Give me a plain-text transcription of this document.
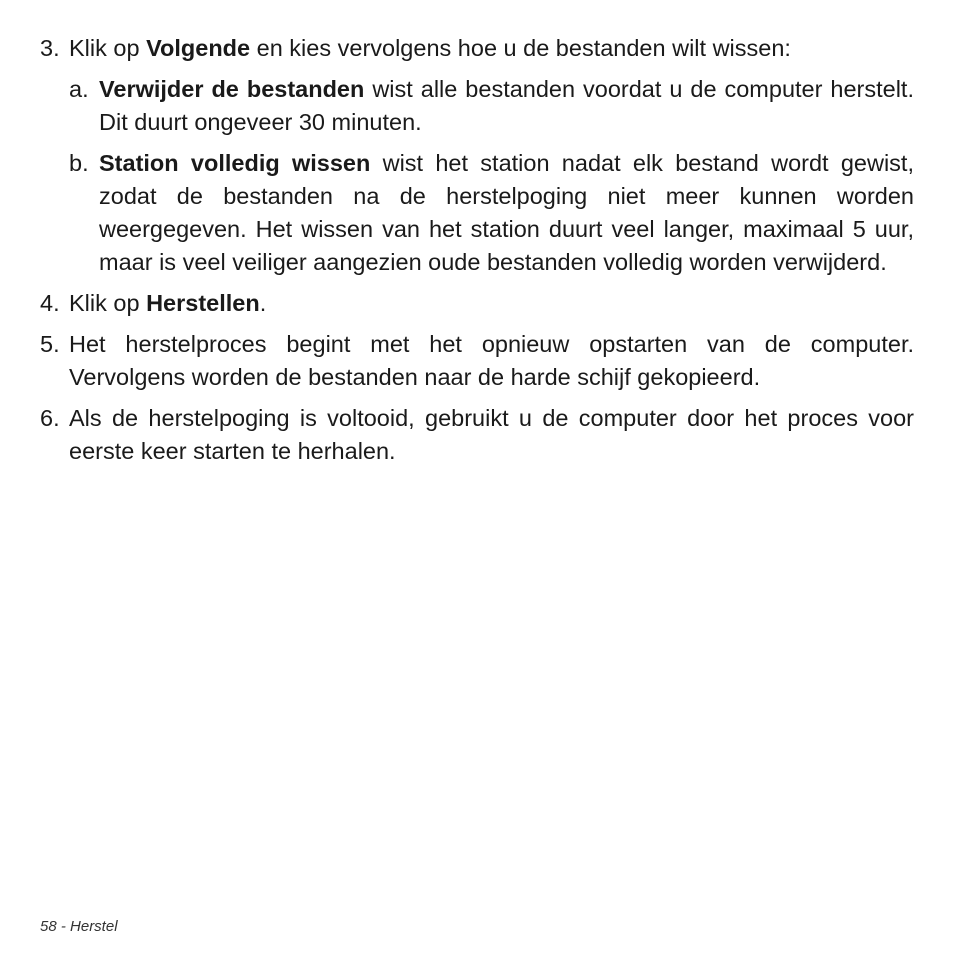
3. Klik op Volgende en kies vervolgens hoe u de bestanden wilt wissen:
a. Verwijder de bestanden wist alle bestanden voordat u de computer herstelt. Dit duurt ongeveer 30 minuten.
b. Station volledig wissen wist het station nadat elk bestand wordt gewist, zodat de bestanden na de herstelpoging niet meer kunnen worden weergegeven. Het wissen van het station duurt veel langer, maximaal 5 uur, maar is veel veiliger aangezien oude bestanden volledig worden verwijderd.
4. Klik op Herstellen.
5. Het herstelproces begint met het opnieuw opstarten van de computer. Vervolgens worden de bestanden naar de harde schijf gekopieerd.
6. Als de herstelpoging is voltooid, gebruikt u de computer door het proces voor eerste keer starten te herhalen.
58 - Herstel
